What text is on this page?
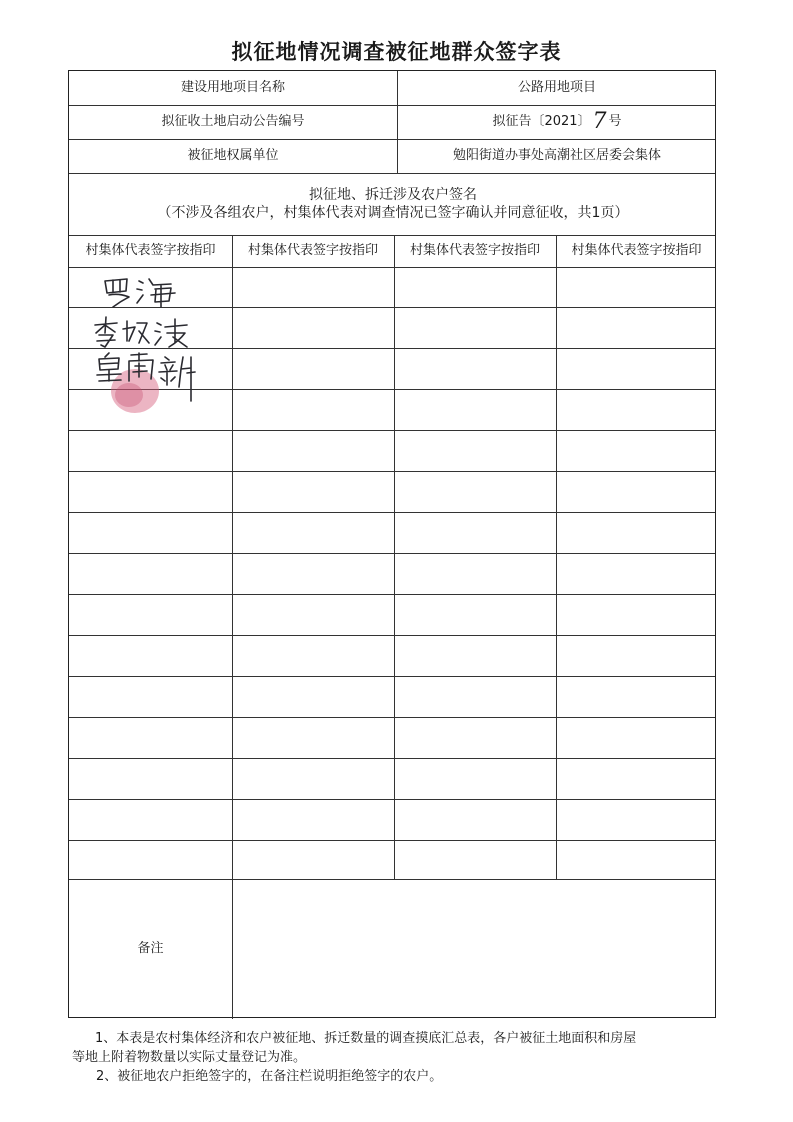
拟征地情况调查被征地群众签字表
建设用地项目名称	公路用地项目
拟征收土地启动公告编号	拟征告〔2021〕 7 号
被征地权属单位	勉阳街道办事处高潮社区居委会集体
拟征地、拆迁涉及农户签名
（不涉及各组农户，村集体代表对调查情况已签字确认并同意征收，共1页）
村集体代表签字按指印	村集体代表签字按指印	村集体代表签字按指印	村集体代表签字按指印
备注
1、本表是农村集体经济和农户被征地、拆迁数量的调查摸底汇总表，各户被征土地面积和房屋
等地上附着物数量以实际丈量登记为准。
2、被征地农户拒绝签字的，在备注栏说明拒绝签字的农户。
